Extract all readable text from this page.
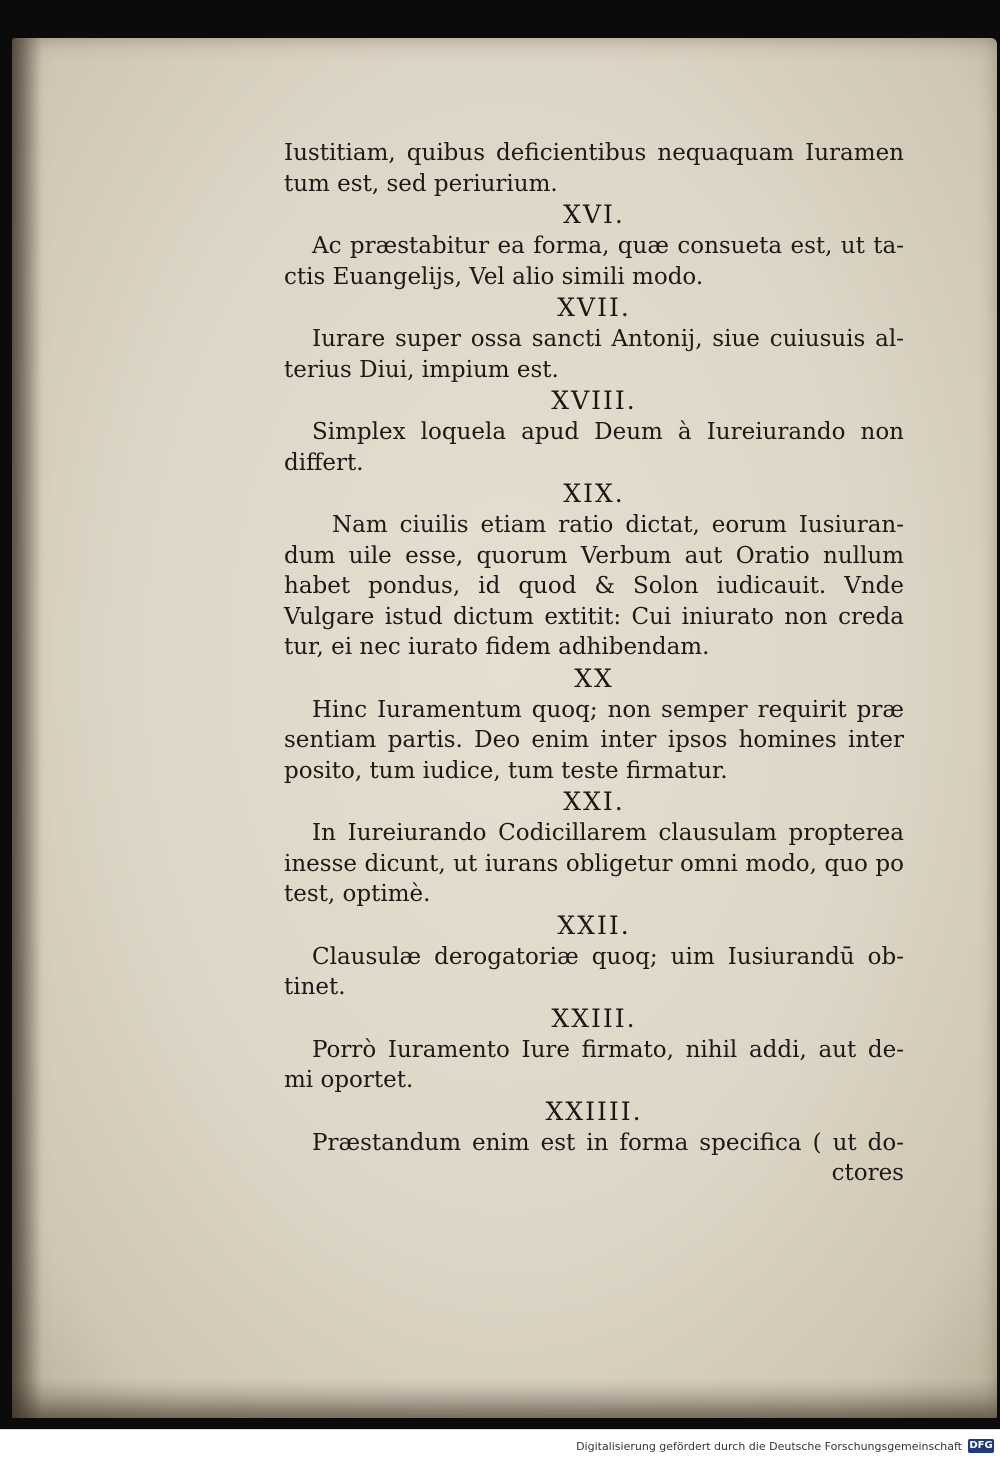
Iustitiam, quibus deficientibus nequaquam Iuramen
tum est, sed periurium.
XVI.
Ac præstabitur ea forma, quæ consueta est, ut ta-
ctis Euangelijs, Vel alio simili modo.
XVII.
Iurare super ossa sancti Antonij, siue cuiusuis al-
terius Diui, impium est.
XVIII.
Simplex loquela apud Deum à Iureiurando non
differt.
XIX.
Nam ciuilis etiam ratio dictat, eorum Iusiuran-
dum uile esse, quorum Verbum aut Oratio nullum
habet pondus, id quod & Solon iudicauit. Vnde
Vulgare istud dictum extitit: Cui iniurato non creda
tur, ei nec iurato fidem adhibendam.
XX
Hinc Iuramentum quoq; non semper requirit præ
sentiam partis. Deo enim inter ipsos homines inter
posito, tum iudice, tum teste firmatur.
XXI.
In Iureiurando Codicillarem clausulam propterea
inesse dicunt, ut iurans obligetur omni modo, quo po
test, optimè.
XXII.
Clausulæ derogatoriæ quoq; uim Iusiurandū ob-
tinet.
XXIII.
Porrò Iuramento Iure firmato, nihil addi, aut de-
mi oportet.
XXIIII.
Præstandum enim est in forma specifica ( ut do-
ctores
Digitalisierung gefördert durch die Deutsche Forschungsgemeinschaft DFG
